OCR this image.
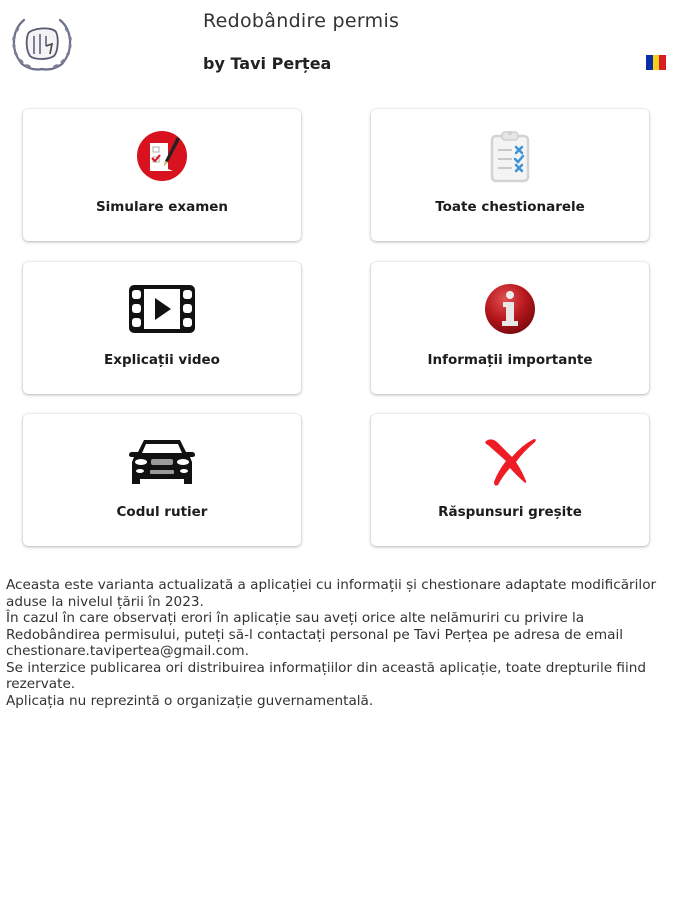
Redobândire permis
by Tavi Perțea
Simulare examen	Toate chestionarele
Explicații video	Informații importante
Codul rutier	Răspunsuri greșite

Aceasta este varianta actualizată a aplicației cu informații și chestionare adaptate modificărilor aduse la nivelul țării în 2023.

În cazul în care observați erori în aplicație sau aveți orice alte nelămuriri cu privire la Redobândirea permisului, puteți să-l contactați personal pe Tavi Perțea pe adresa de email chestionare.taviperteа@gmail.com.

Se interzice publicarea ori distribuirea informațiilor din această aplicație, toate drepturile fiind rezervate.

Aplicația nu reprezintă o organizație guvernamentală.
